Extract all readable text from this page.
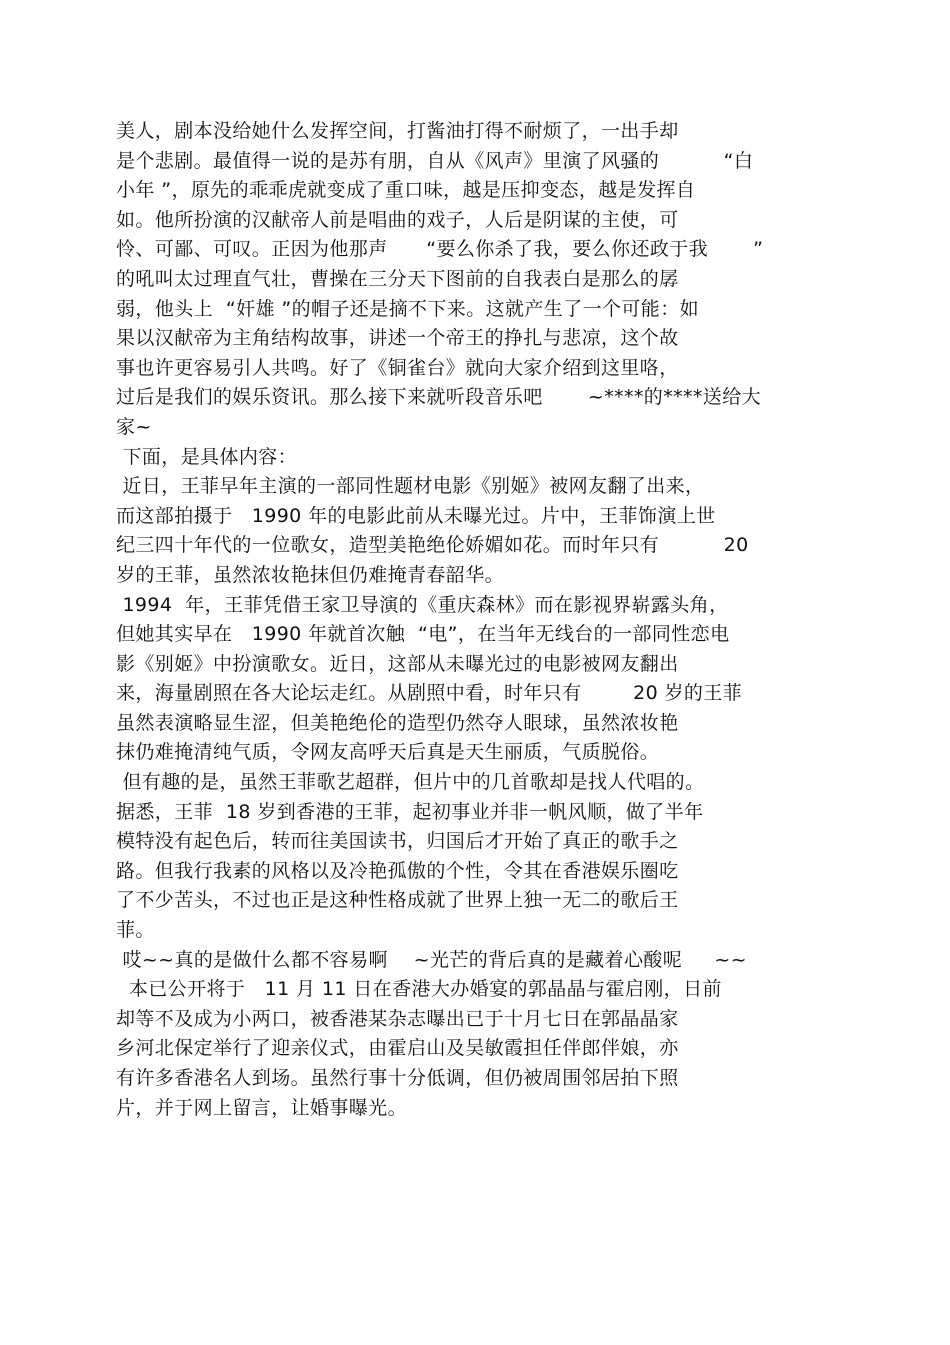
美人，剧本没给她什么发挥空间，打酱油打得不耐烦了，一出手却
是个悲剧。最值得一说的是苏有朋，自从《风声》里演了风骚的          “白
小年 ”，原先的乖乖虎就变成了重口味，越是压抑变态，越是发挥自
如。他所扮演的汉献帝人前是唱曲的戏子，人后是阴谋的主使，可
怜、可鄙、可叹。正因为他那声      “要么你杀了我，要么你还政于我       ”
的吼叫太过理直气壮，曹操在三分天下图前的自我表白是那么的孱
弱，他头上  “奸雄 ”的帽子还是摘不下来。这就产生了一个可能：如
果以汉献帝为主角结构故事，讲述一个帝王的挣扎与悲凉，这个故
事也许更容易引人共鸣。好了《铜雀台》就向大家介绍到这里咯，
过后是我们的娱乐资讯。那么接下来就听段音乐吧       ~****的****送给大
家~
下面，是具体内容：
近日，王菲早年主演的一部同性题材电影《别姬》被网友翻了出来，
而这部拍摄于   1990 年的电影此前从未曝光过。片中，王菲饰演上世
纪三四十年代的一位歌女，造型美艳绝伦娇媚如花。而时年只有          20
岁的王菲，虽然浓妆艳抹但仍难掩青春韶华。
1994  年，王菲凭借王家卫导演的《重庆森林》而在影视界崭露头角，
但她其实早在   1990 年就首次触  “电”，在当年无线台的一部同性恋电
影《别姬》中扮演歌女。近日，这部从未曝光过的电影被网友翻出
来，海量剧照在各大论坛走红。从剧照中看，时年只有        20 岁的王菲
虽然表演略显生涩，但美艳绝伦的造型仍然夺人眼球，虽然浓妆艳
抹仍难掩清纯气质，令网友高呼天后真是天生丽质，气质脱俗。
但有趣的是，虽然王菲歌艺超群，但片中的几首歌却是找人代唱的。
据悉，王菲  18 岁到香港的王菲，起初事业并非一帆风顺，做了半年
模特没有起色后，转而往美国读书，归国后才开始了真正的歌手之
路。但我行我素的风格以及冷艳孤傲的个性，令其在香港娱乐圈吃
了不少苦头，不过也正是这种性格成就了世界上独一无二的歌后王
菲。
哎~~真的是做什么都不容易啊    ~光芒的背后真的是藏着心酸呢     ~~
本已公开将于   11 月 11 日在香港大办婚宴的郭晶晶与霍启刚，日前
却等不及成为小两口，被香港某杂志曝出已于十月七日在郭晶晶家
乡河北保定举行了迎亲仪式，由霍启山及吴敏霞担任伴郎伴娘，亦
有许多香港名人到场。虽然行事十分低调，但仍被周围邻居拍下照
片，并于网上留言，让婚事曝光。
